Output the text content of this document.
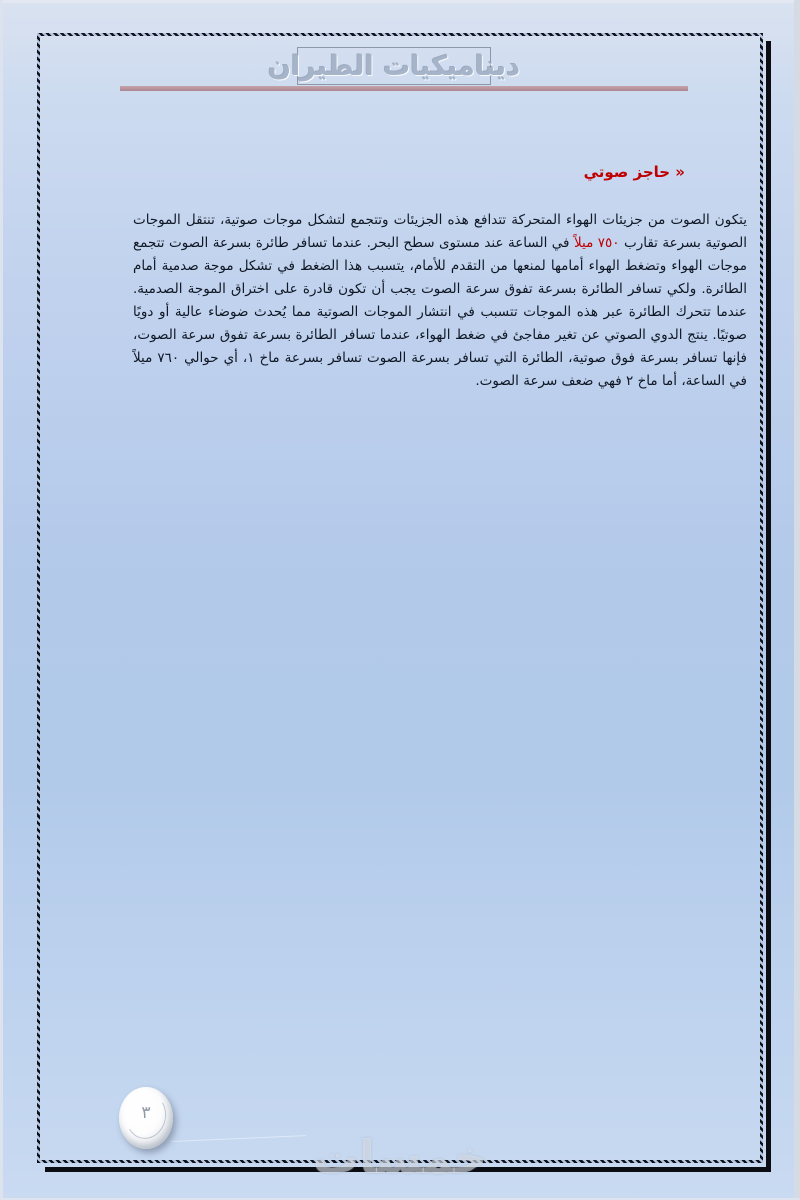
ديناميكيات الطيران
« حاجز صوتي

يتكون الصوت من جزيئات الهواء المتحركة تتدافع هذه الجزيئات وتتجمع لتشكل موجات صوتية، تنتقل الموجات الصوتية بسرعة تقارب ٧٥٠ ميلاً في الساعة عند مستوى سطح البحر. عندما تسافر طائرة بسرعة الصوت تتجمع موجات الهواء وتضغط الهواء أمامها لمنعها من التقدم للأمام، يتسبب هذا الضغط في تشكل موجة صدمية أمام الطائرة. ولكي تسافر الطائرة بسرعة تفوق سرعة الصوت يجب أن تكون قادرة على اختراق الموجة الصدمية. عندما تتحرك الطائرة عبر هذه الموجات تتسبب في انتشار الموجات الصوتية مما يُحدث ضوضاء عالية أو دويًا صوتيًا. ينتج الدوي الصوتي عن تغير مفاجئ في ضغط الهواء، عندما تسافر الطائرة بسرعة تفوق سرعة الصوت، فإنها تسافر بسرعة فوق صوتية، الطائرة التي تسافر بسرعة الصوت تسافر بسرعة ماخ ١، أي حوالي ٧٦٠ ميلاً في الساعة، أما ماخ ٢ فهي ضعف سرعة الصوت.

٣
خمسات
